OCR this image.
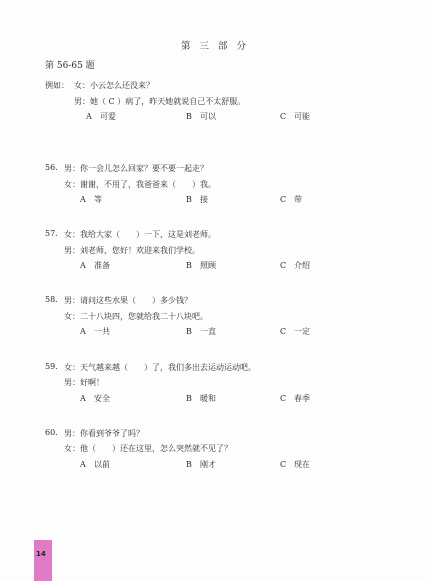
第 三 部 分
第 56-65 题
例如： 女：小云怎么还没来？
男：她（ C ）病了，昨天她就说自己不太舒服。
A 可爱	B 可以	C 可能
56. 男：你一会儿怎么回家？要不要一起走？
女：谢谢，不用了，我爸爸来（　　）我。
A 等	B 接	C 带
57. 女：我给大家（　　）一下，这是刘老师。
男：刘老师，您好！欢迎来我们学校。
A 准备	B 照顾	C 介绍
58. 男：请问这些水果（　　）多少钱？
女：二十八块四，您就给我二十八块吧。
A 一共	B 一直	C 一定
59. 女：天气越来越（　　）了，我们多出去运动运动吧。
男：好啊！
A 安全	B 暖和	C 春季
60. 男：你看到爷爷了吗？
女：他（　　）还在这里，怎么突然就不见了？
A 以前	B 刚才	C 现在
14
